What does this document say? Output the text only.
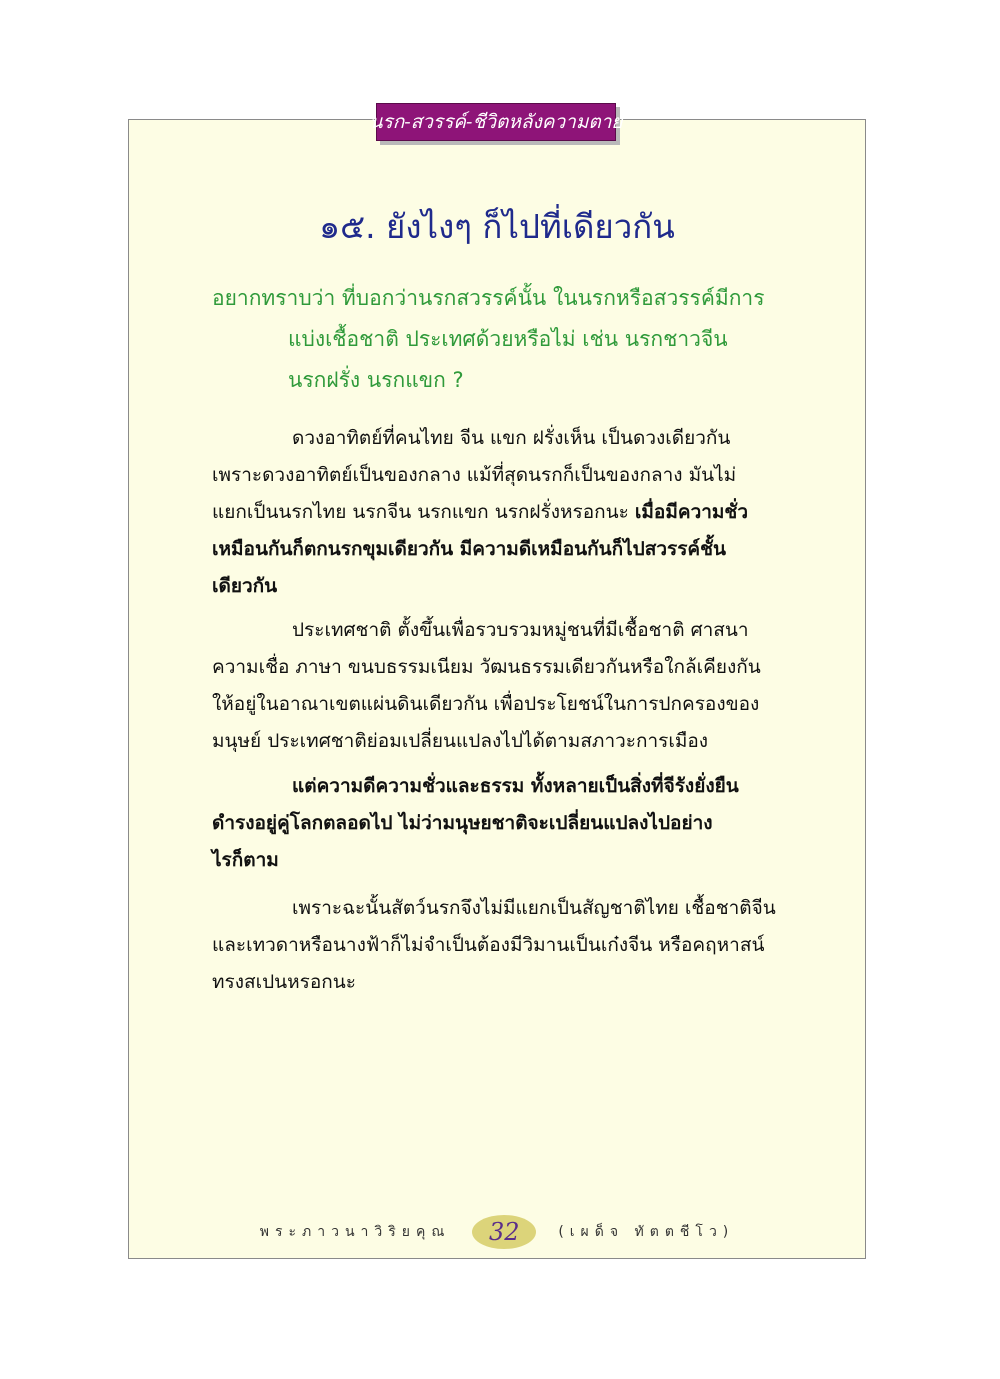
นรก-สวรรค์-ชีวิตหลังความตาย
๑๕. ยังไงๆ ก็ไปที่เดียวกัน
อยากทราบว่า ที่บอกว่านรกสวรรค์นั้น ในนรกหรือสวรรค์มีการ
แบ่งเชื้อชาติ ประเทศด้วยหรือไม่ เช่น นรกชาวจีน
นรกฝรั่ง นรกแขก ?
ดวงอาทิตย์ที่คนไทย จีน แขก ฝรั่งเห็น เป็นดวงเดียวกัน
เพราะดวงอาทิตย์เป็นของกลาง แม้ที่สุดนรกก็เป็นของกลาง มันไม่
แยกเป็นนรกไทย นรกจีน นรกแขก นรกฝรั่งหรอกนะ เมื่อมีความชั่ว
เหมือนกันก็ตกนรกขุมเดียวกัน มีความดีเหมือนกันก็ไปสวรรค์ชั้น
เดียวกัน
ประเทศชาติ ตั้งขึ้นเพื่อรวบรวมหมู่ชนที่มีเชื้อชาติ ศาสนา
ความเชื่อ ภาษา ขนบธรรมเนียม วัฒนธรรมเดียวกันหรือใกล้เคียงกัน
ให้อยู่ในอาณาเขตแผ่นดินเดียวกัน เพื่อประโยชน์ในการปกครองของ
มนุษย์ ประเทศชาติย่อมเปลี่ยนแปลงไปได้ตามสภาวะการเมือง
แต่ความดีความชั่วและธรรม ทั้งหลายเป็นสิ่งที่จีรังยั่งยืน
ดำรงอยู่คู่โลกตลอดไป ไม่ว่ามนุษยชาติจะเปลี่ยนแปลงไปอย่าง
ไรก็ตาม
เพราะฉะนั้นสัตว์นรกจึงไม่มีแยกเป็นสัญชาติไทย เชื้อชาติจีน
และเทวดาหรือนางฟ้าก็ไม่จำเป็นต้องมีวิมานเป็นเก๋งจีน หรือคฤหาสน์
ทรงสเปนหรอกนะ
พระภาวนาวิริยคุณ 32	(เผด็จ ทัตตชีโว)
